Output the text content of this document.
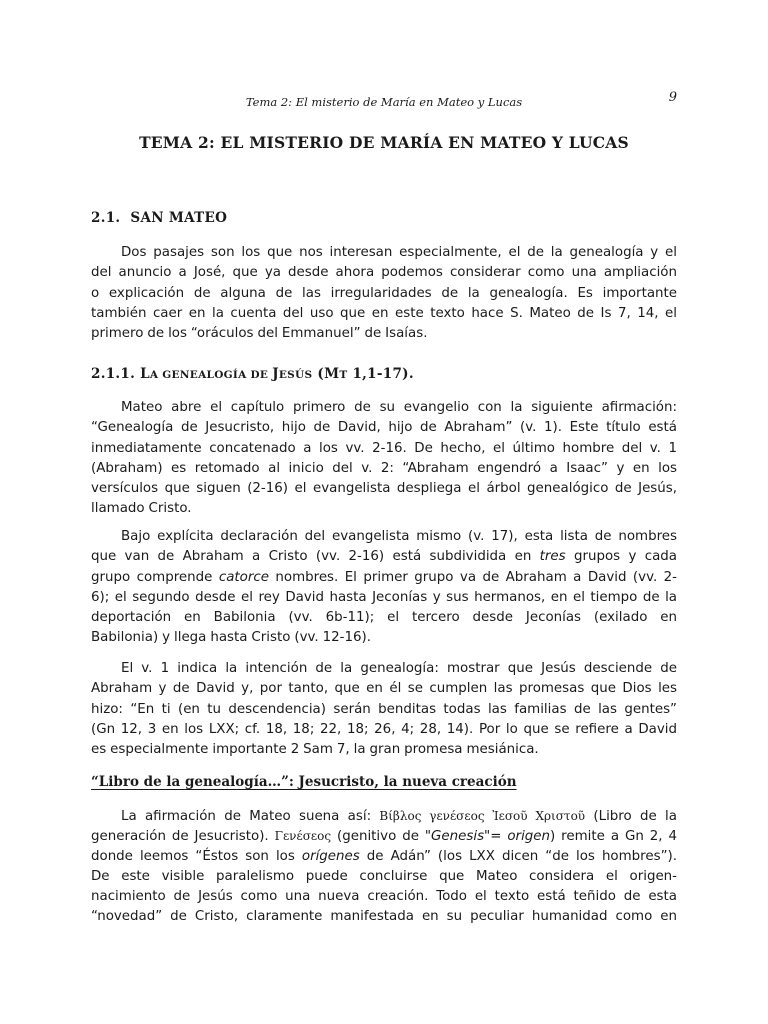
Tema 2: El misterio de María en Mateo y Lucas	9
TEMA 2: EL MISTERIO DE MARÍA EN MATEO Y LUCAS
2.1. SAN MATEO
Dos pasajes son los que nos interesan especialmente, el de la genealogía y el
del anuncio a José, que ya desde ahora podemos considerar como una ampliación
o explicación de alguna de las irregularidades de la genealogía. Es importante
también caer en la cuenta del uso que en este texto hace S. Mateo de Is 7, 14, el
primero de los “oráculos del Emmanuel” de Isaías.
2.1.1. LA GENEALOGÍA DE JESÚS (MT 1,1-17).
Mateo abre el capítulo primero de su evangelio con la siguiente afirmación:
“Genealogía de Jesucristo, hijo de David, hijo de Abraham” (v. 1). Este título está
inmediatamente concatenado a los vv. 2-16. De hecho, el último hombre del v. 1
(Abraham) es retomado al inicio del v. 2: “Abraham engendró a Isaac” y en los
versículos que siguen (2-16) el evangelista despliega el árbol genealógico de Jesús,
llamado Cristo.
Bajo explícita declaración del evangelista mismo (v. 17), esta lista de nombres
que van de Abraham a Cristo (vv. 2-16) está subdividida en tres grupos y cada
grupo comprende catorce nombres. El primer grupo va de Abraham a David (vv. 2-
6); el segundo desde el rey David hasta Jeconías y sus hermanos, en el tiempo de la
deportación en Babilonia (vv. 6b-11); el tercero desde Jeconías (exilado en
Babilonia) y llega hasta Cristo (vv. 12-16).
El v. 1 indica la intención de la genealogía: mostrar que Jesús desciende de
Abraham y de David y, por tanto, que en él se cumplen las promesas que Dios les
hizo: “En ti (en tu descendencia) serán benditas todas las familias de las gentes”
(Gn 12, 3 en los LXX; cf. 18, 18; 22, 18; 26, 4; 28, 14). Por lo que se refiere a David
es especialmente importante 2 Sam 7, la gran promesa mesiánica.
“Libro de la genealogía…”: Jesucristo, la nueva creación
La afirmación de Mateo suena así: Βίβλος γενέσεος Ἰεσοῦ Χριστοῦ (Libro de la
generación de Jesucristo). Γενέσεος (genitivo de "Genesis"= origen) remite a Gn 2, 4
donde leemos “Éstos son los orígenes de Adán” (los LXX dicen “de los hombres”).
De este visible paralelismo puede concluirse que Mateo considera el origen-
nacimiento de Jesús como una nueva creación. Todo el texto está teñido de esta
“novedad” de Cristo, claramente manifestada en su peculiar humanidad como en
